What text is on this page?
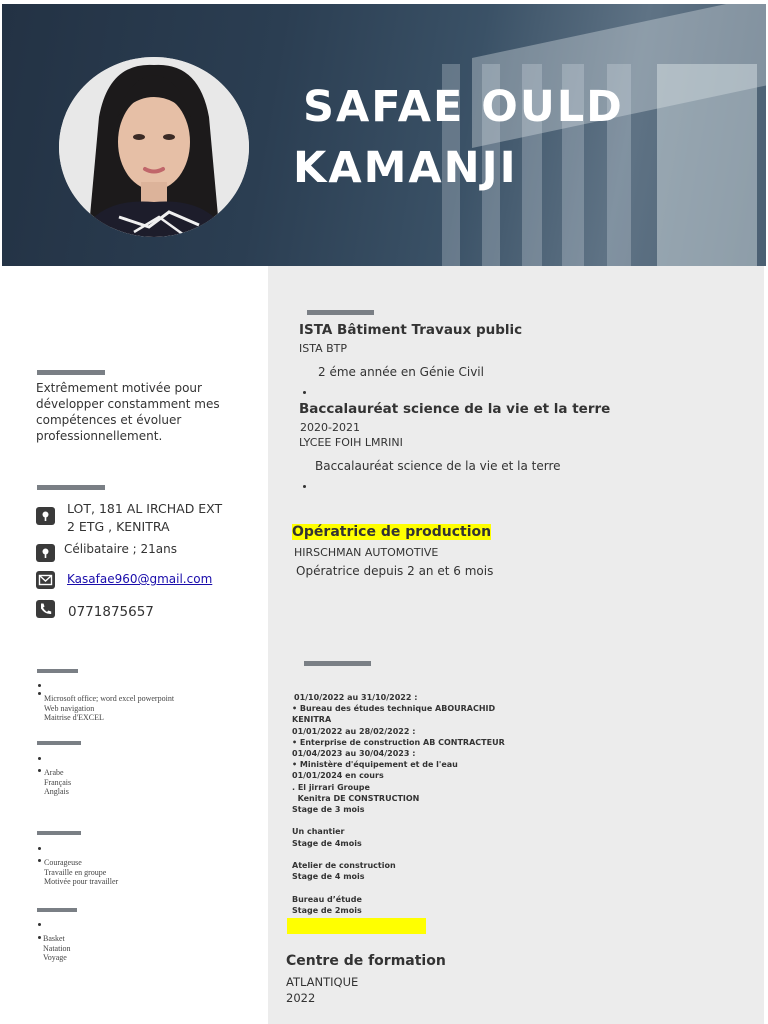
SAFAE OULD
KAMANJI
Extrêmement motivée pour
développer constamment mes
compétences et évoluer
professionnellement.
LOT, 181 AL IRCHAD EXT
2 ETG , KENITRA
Célibataire ; 21ans
Kasafae960@gmail.com
0771875657
Microsoft office; word excel powerpoint
Web navigation
Maitrise d'EXCEL
Arabe
Français
Anglais
Courageuse
Travaille en groupe
Motivée pour travailler
Basket
Natation
Voyage
ISTA Bâtiment Travaux public
ISTA BTP
2 éme année en Génie Civil
Baccalauréat science de la vie et la terre
2020-2021
LYCEE FOIH LMRINI
Baccalauréat science de la vie et la terre
Opératrice de production
HIRSCHMAN AUTOMOTIVE
Opératrice depuis 2 an et 6 mois
01/10/2022 au 31/10/2022 :
• Bureau des études technique ABOURACHID
KENITRA
01/01/2022 au 28/02/2022 :
• Enterprise de construction AB CONTRACTEUR
01/04/2023 au 30/04/2023 :
• Ministère d'équipement et de l'eau
01/01/2024 en cours
. El jirrari Groupe
Kenitra DE CONSTRUCTION
Stage de 3 mois
Un chantier
Stage de 4mois
Atelier de construction
Stage de 4 mois
Bureau d’étude
Stage de 2mois
Centre de formation
ATLANTIQUE
2022
